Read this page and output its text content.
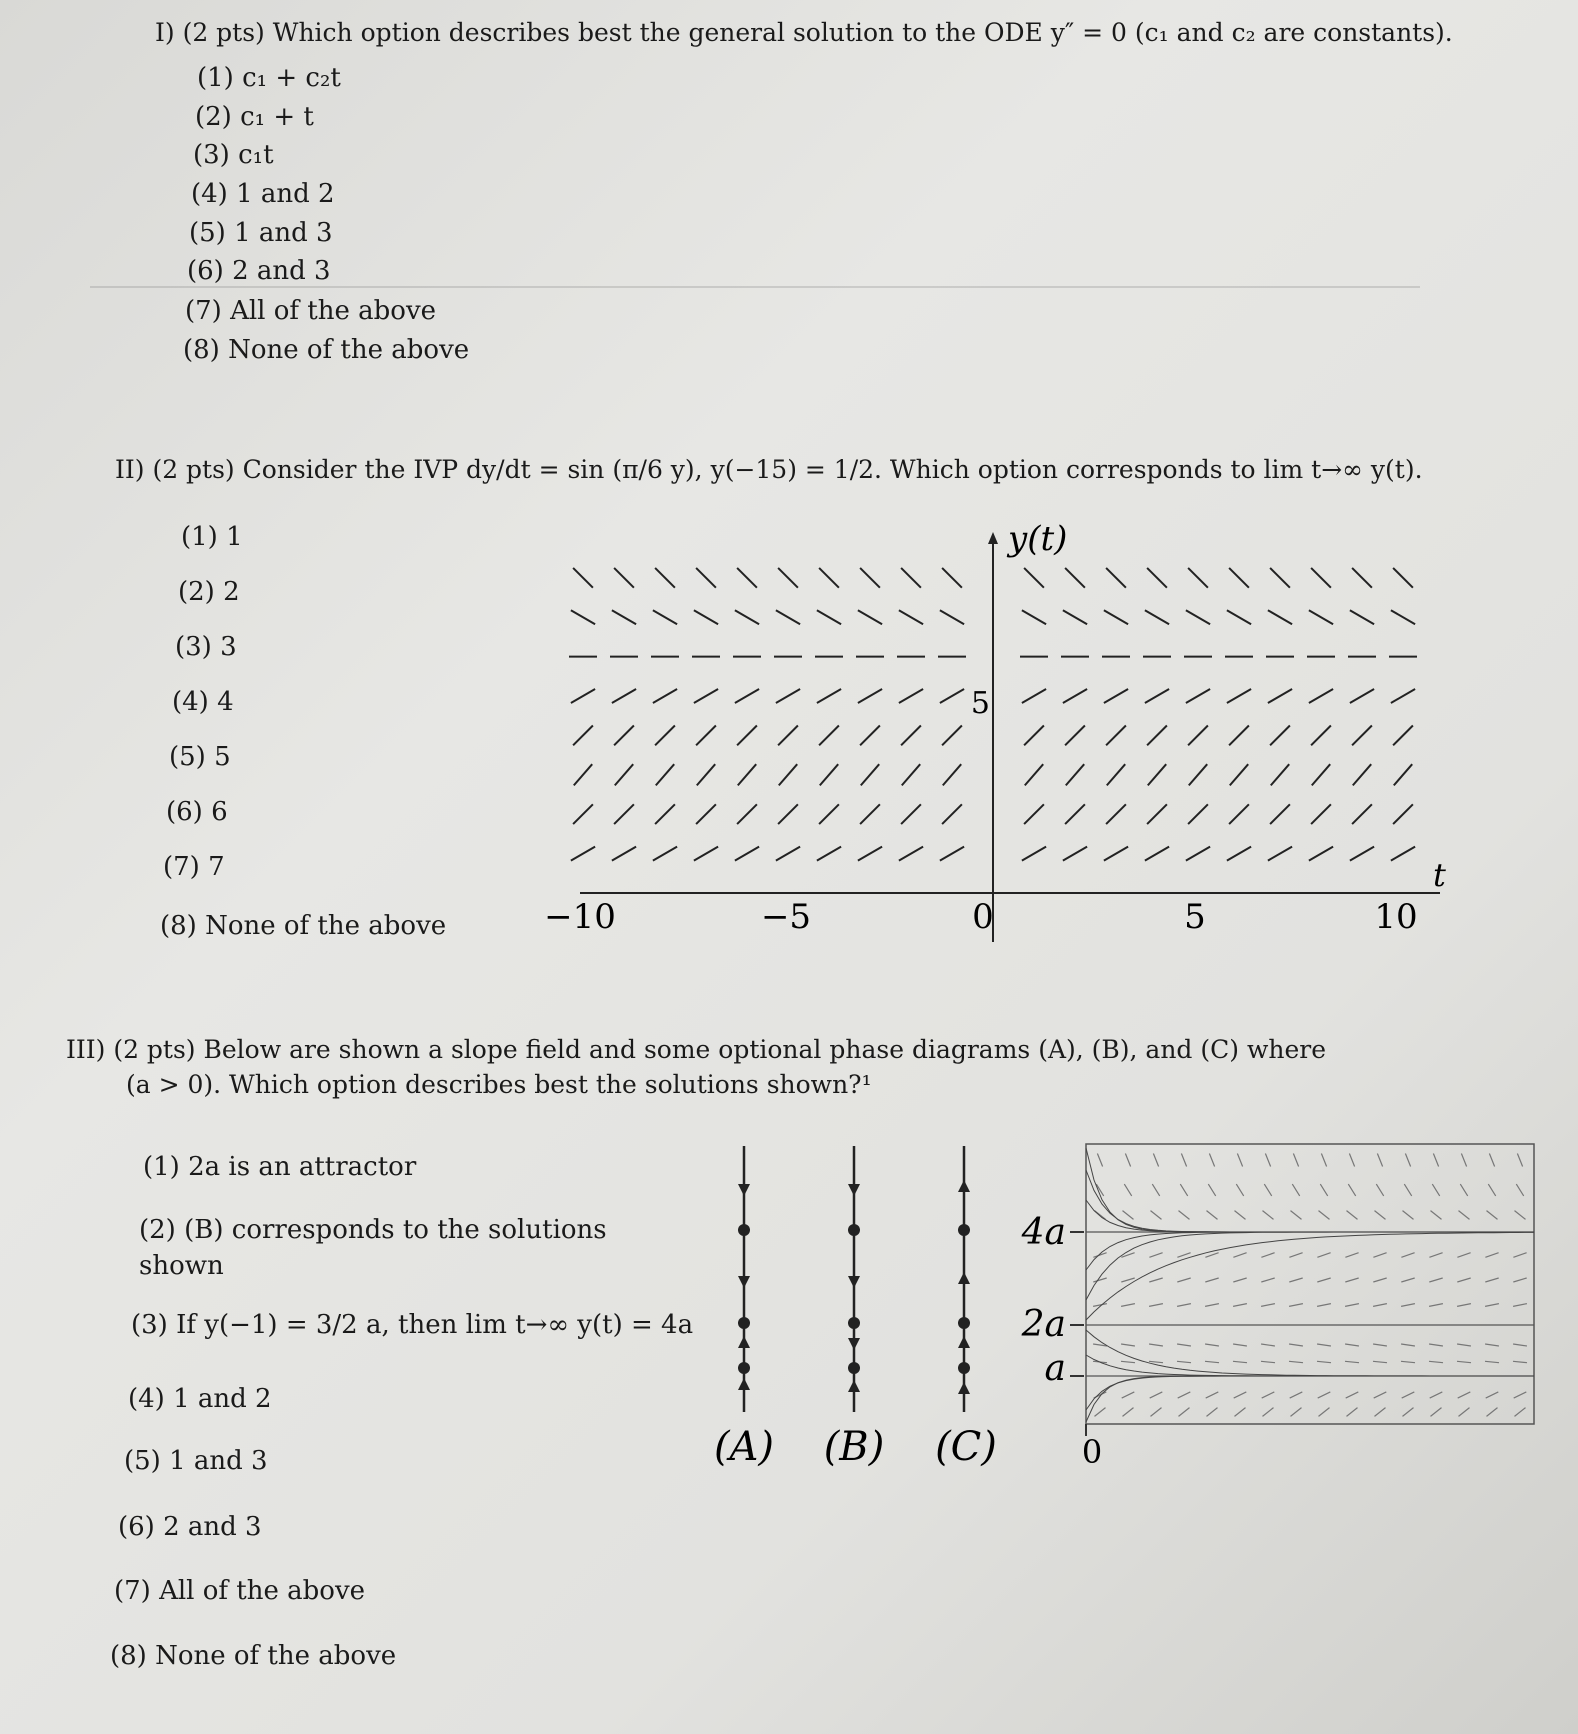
I) (2 pts) Which option describes best the general solution to the ODE y″ = 0 (c₁ and c₂ are constants).
(1) c₁ + c₂t
(2) c₁ + t
(3) c₁t
(4) 1 and 2
(5) 1 and 3
(6) 2 and 3
(7) All of the above
(8) None of the above
II) (2 pts) Consider the IVP dy/dt = sin (π/6 y), y(−15) = 1/2. Which option corresponds to lim t→∞ y(t).
(1) 1
(2) 2
(3) 3
(4) 4
(5) 5
(6) 6
(7) 7
(8) None of the above
y(t)
t
5
−10	−5	0	5	10
III) (2 pts) Below are shown a slope field and some optional phase diagrams (A), (B), and (C) where
(a > 0). Which option describes best the solutions shown?¹
(1) 2a is an attractor
(2) (B) corresponds to the solutions shown
(3) If y(−1) = 3/2 a, then lim t→∞ y(t) = 4a
(4) 1 and 2
(5) 1 and 3
(6) 2 and 3
(7) All of the above
(8) None of the above
(A) (B) (C)
4a
2a
a
0
